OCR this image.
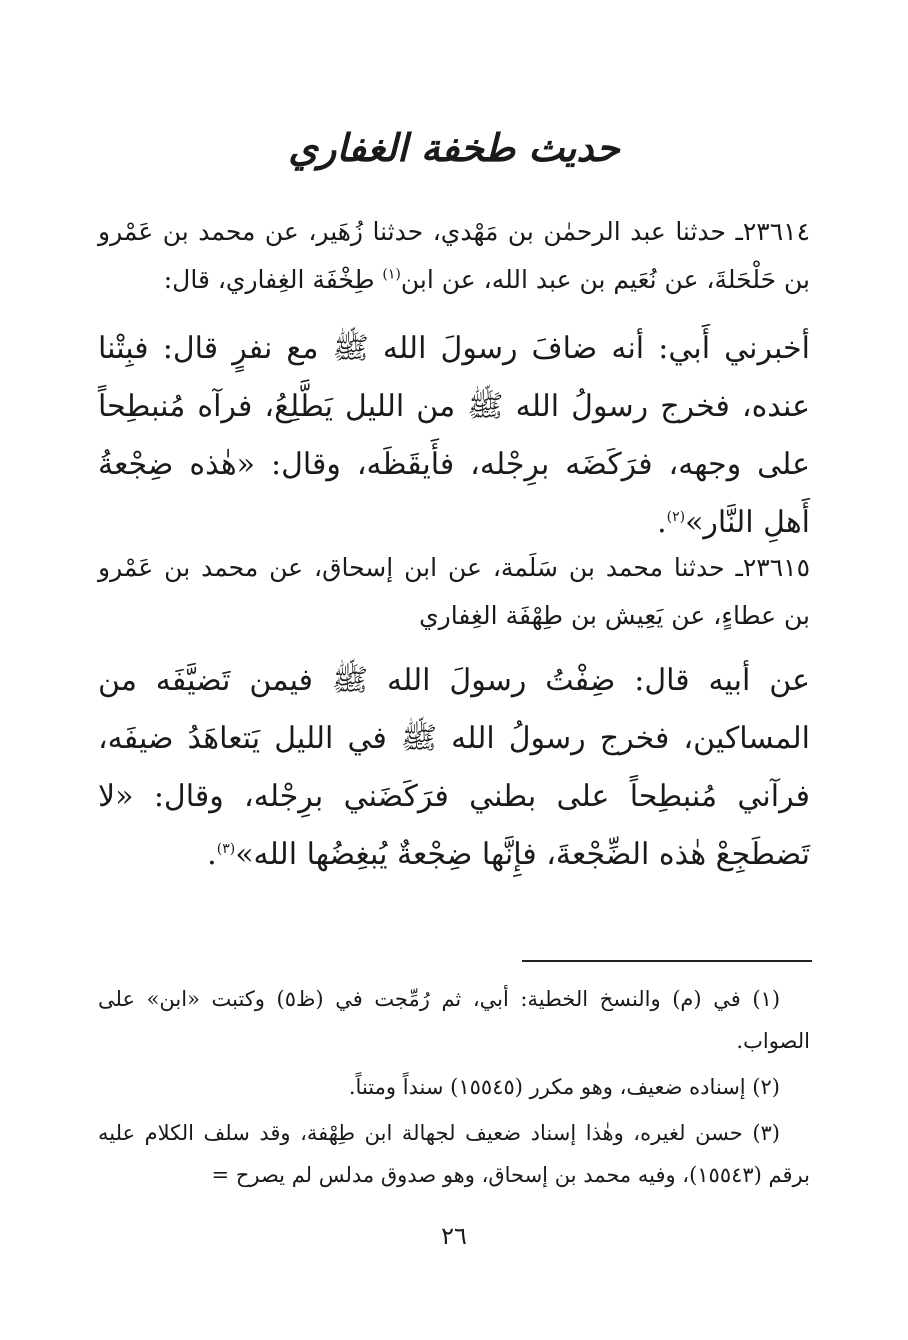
حديث طخفة الغفاري
٢٣٦١٤ـ حدثنا عبد الرحمٰن بن مَهْدي، حدثنا زُهَير، عن محمد بن عَمْرو بن حَلْحَلةَ، عن نُعَيم بن عبد الله، عن ابن$^{(١)}$ طِخْفَة الغِفاري، قال:
أخبرني أَبي: أنه ضافَ رسولَ الله ﷺ مع نفرٍ قال: فبِتْنا عنده، فخرج رسولُ الله ﷺ من الليل يَطَّلِعُ، فرآه مُنبطِحاً على وجهه، فرَكَضَه برِجْله، فأَيقَظَه، وقال: «هٰذه ضِجْعةُ أَهلِ النَّار»$^{(٢)}$.
٢٣٦١٥ـ حدثنا محمد بن سَلَمة، عن ابن إسحاق، عن محمد بن عَمْرو بن عطاءٍ، عن يَعِيش بن طِهْفَة الغِفاري
عن أبيه قال: ضِفْتُ رسولَ الله ﷺ فيمن تَضيَّفَه من المساكين، فخرج رسولُ الله ﷺ في الليل يَتعاهَدُ ضيفَه، فرآني مُنبطِحاً على بطني فرَكَضَني برِجْله، وقال: «لا تَضطَجِعْ هٰذه الضِّجْعةَ، فإِنَّها ضِجْعةٌ يُبغِضُها الله»$^{(٣)}$.

(١) في (م) والنسخ الخطية: أبي، ثم رُمِّجت في (ظ٥) وكتبت «ابن» على الصواب.

(٢) إسناده ضعيف، وهو مكرر (١٥٥٤٥) سنداً ومتناً.

(٣) حسن لغيره، وهٰذا إسناد ضعيف لجهالة ابن طِهْفة، وقد سلف الكلام عليه برقم (١٥٥٤٣)، وفيه محمد بن إسحاق، وهو صدوق مدلس لم يصرح =

٢٦
